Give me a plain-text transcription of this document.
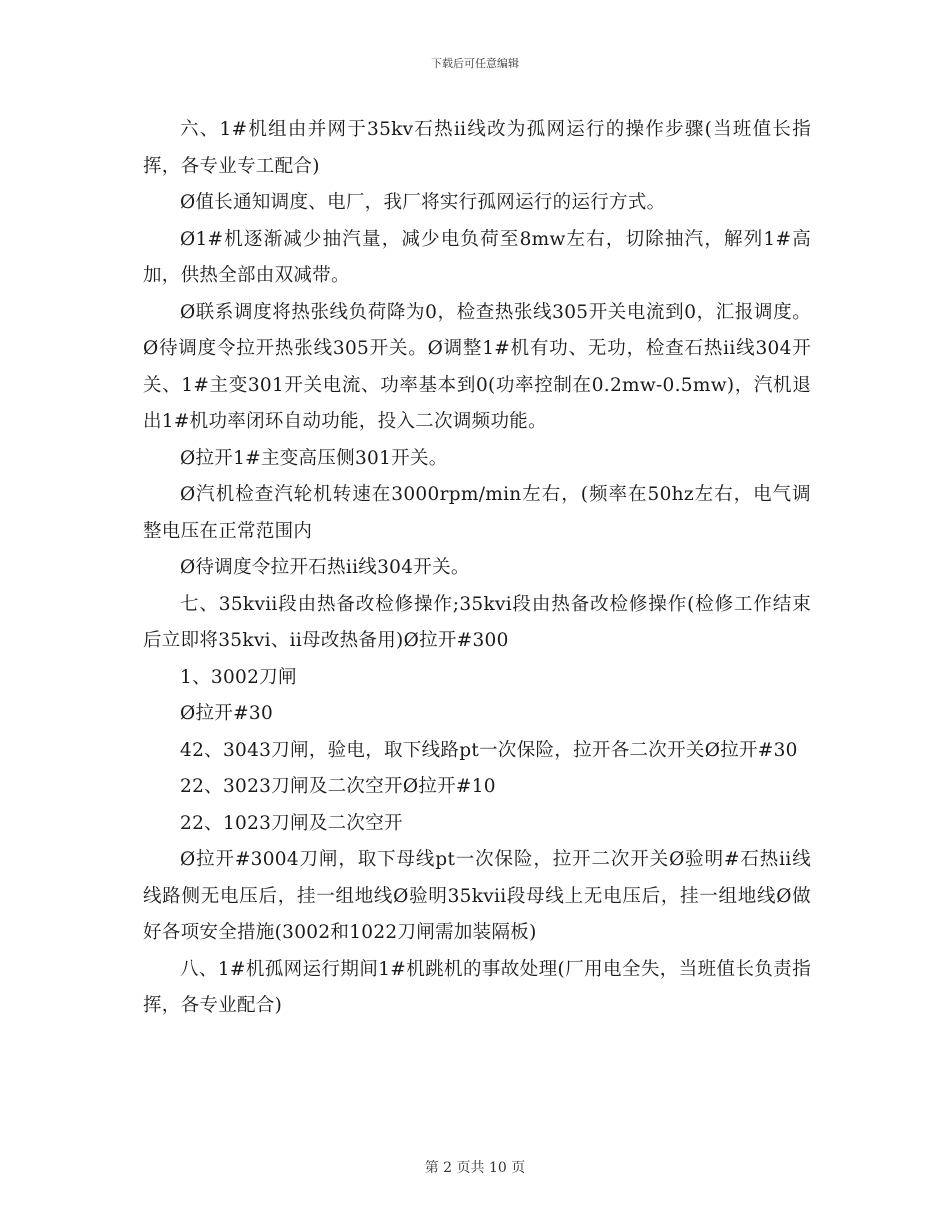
下载后可任意编辑

六、1#机组由并网于35kv石热ii线改为孤网运行的操作步骤(当班值长指挥，各专业专工配合)

Ø值长通知调度、电厂，我厂将实行孤网运行的运行方式。

Ø1#机逐渐减少抽汽量，减少电负荷至8mw左右，切除抽汽，解列1#高加，供热全部由双减带。

Ø联系调度将热张线负荷降为0，检查热张线305开关电流到0，汇报调度。Ø待调度令拉开热张线305开关。Ø调整1#机有功、无功，检查石热ii线304开关、1#主变301开关电流、功率基本到0(功率控制在0.2mw-0.5mw)，汽机退出1#机功率闭环自动功能，投入二次调频功能。

Ø拉开1#主变高压侧301开关。

Ø汽机检查汽轮机转速在3000rpm/min左右，(频率在50hz左右，电气调整电压在正常范围内

Ø待调度令拉开石热ii线304开关。

七、35kvii段由热备改检修操作;35kvi段由热备改检修操作(检修工作结束后立即将35kvi、ii母改热备用)Ø拉开#300

1、3002刀闸

Ø拉开#30

42、3043刀闸，验电，取下线路pt一次保险，拉开各二次开关Ø拉开#30

22、3023刀闸及二次空开Ø拉开#10

22、1023刀闸及二次空开

Ø拉开#3004刀闸，取下母线pt一次保险，拉开二次开关Ø验明#石热ii线线路侧无电压后，挂一组地线Ø验明35kvii段母线上无电压后，挂一组地线Ø做好各项安全措施(3002和1022刀闸需加装隔板)

八、1#机孤网运行期间1#机跳机的事故处理(厂用电全失，当班值长负责指挥，各专业配合)

第 2 页共 10 页
